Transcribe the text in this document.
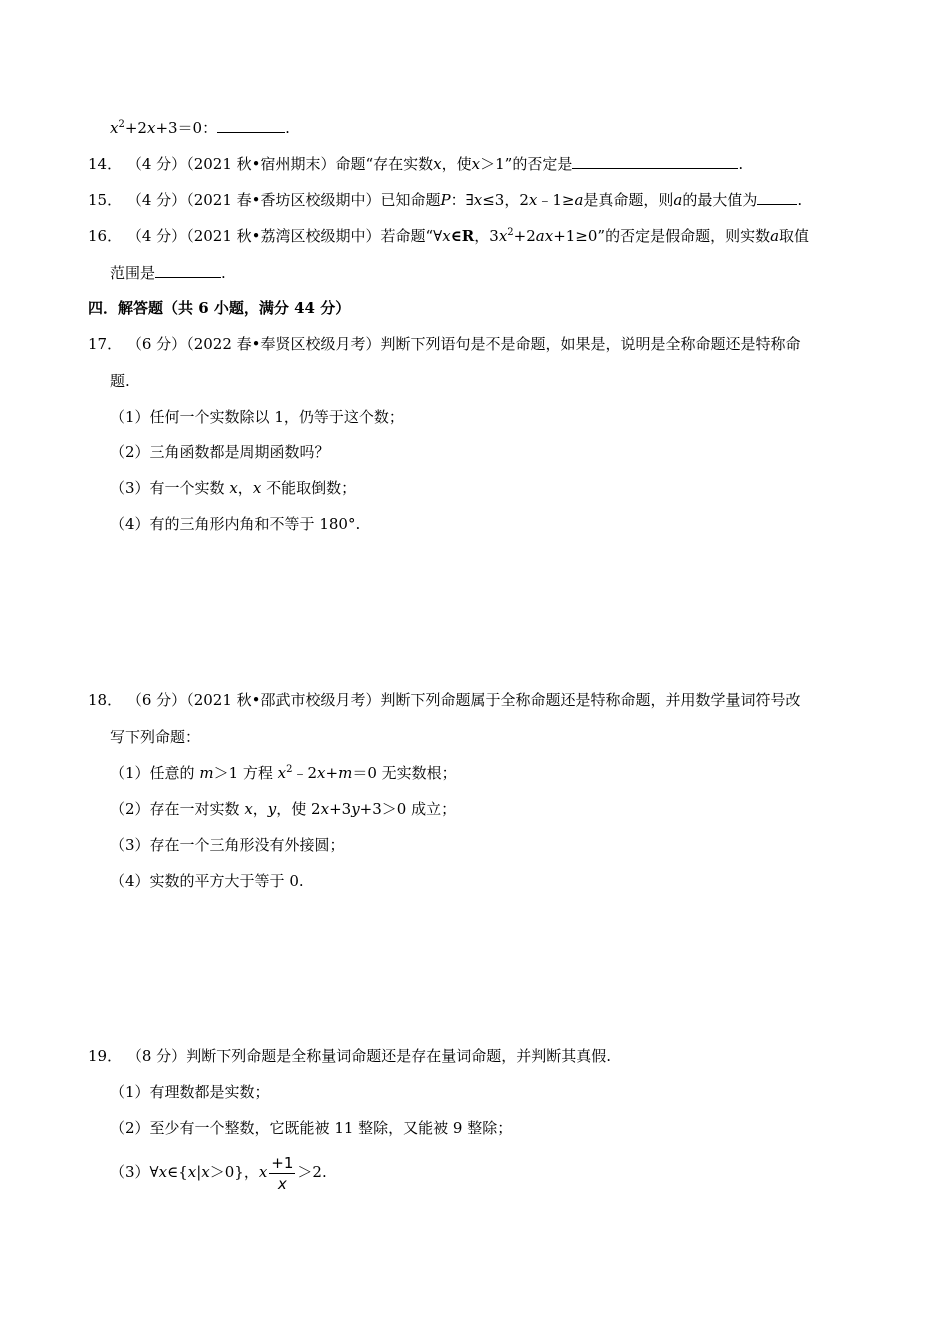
$x^2+2x+3=0$：	.
14． （4 分）（2021 秋•宿州期末）命题“存在实数x，使x＞1”的否定是	.
15． （4 分）（2021 春•香坊区校级期中）已知命题P：∃x≤3，2x﹣1≥a是真命题，则a的最大值为	.
16． （4 分）（2021 秋•荔湾区校级期中）若命题“∀x∈R，$3x^2+2ax+1\ge 0$”的否定是假命题，则实数a取值
范围是	.
四．解答题（共 6 小题，满分 44 分）
17． （6 分）（2022 春•奉贤区校级月考）判断下列语句是不是命题，如果是，说明是全称命题还是特称命
题.
（1）任何一个实数除以 1，仍等于这个数；
（2）三角函数都是周期函数吗？
（3）有一个实数 x，x 不能取倒数；
（4）有的三角形内角和不等于 180°.
18． （6 分）（2021 秋•邵武市校级月考）判断下列命题属于全称命题还是特称命题，并用数学量词符号改
写下列命题：
（1）任意的 m＞1 方程 $x^2﹣2x+m=0$ 无实数根；
（2）存在一对实数 x，y，使 2x+3y+3＞0 成立；
（3）存在一个三角形没有外接圆；
（4）实数的平方大于等于 0.
19． （8 分）判断下列命题是全称量词命题还是存在量词命题，并判断其真假.
（1）有理数都是实数；
（2）至少有一个整数，它既能被 11 整除，又能被 9 整除；
（3）∀x∈{x|x＞0}，x $\frac{+1}{x} >2$.
